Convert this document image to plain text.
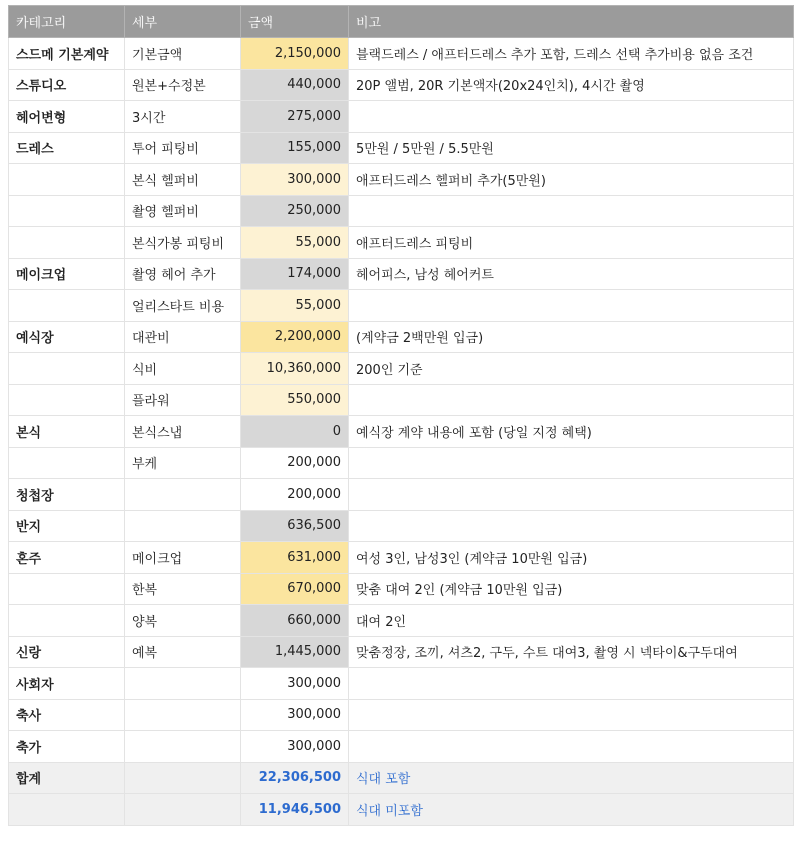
카테고리	세부	금액	비고
스드메 기본계약	기본금액	2,150,000	블랙드레스 / 애프터드레스 추가 포함, 드레스 선택 추가비용 없음 조건
스튜디오	원본+수정본	440,000	20P 앨범, 20R 기본액자(20x24인치), 4시간 촬영
헤어변형	3시간	275,000	
드레스	투어 피팅비	155,000	5만원 / 5만원 / 5.5만원
	본식 헬퍼비	300,000	애프터드레스 헬퍼비 추가(5만원)
	촬영 헬퍼비	250,000	
	본식가봉 피팅비	55,000	애프터드레스 피팅비
메이크업	촬영 헤어 추가	174,000	헤어피스, 남성 헤어커트
	얼리스타트 비용	55,000	
예식장	대관비	2,200,000	(계약금 2백만원 입금)
	식비	10,360,000	200인 기준
	플라워	550,000	
본식	본식스냅	0	예식장 계약 내용에 포함 (당일 지정 혜택)
	부케	200,000	
청첩장		200,000	
반지		636,500	
혼주	메이크업	631,000	여성 3인, 남성3인 (계약금 10만원 입금)
	한복	670,000	맞춤 대여 2인 (계약금 10만원 입금)
	양복	660,000	대여 2인
신랑	예복	1,445,000	맞춤정장, 조끼, 셔츠2, 구두, 수트 대여3, 촬영 시 넥타이&구두대여
사회자		300,000	
축사		300,000	
축가		300,000	
합계		22,306,500	식대 포함
		11,946,500	식대 미포함
